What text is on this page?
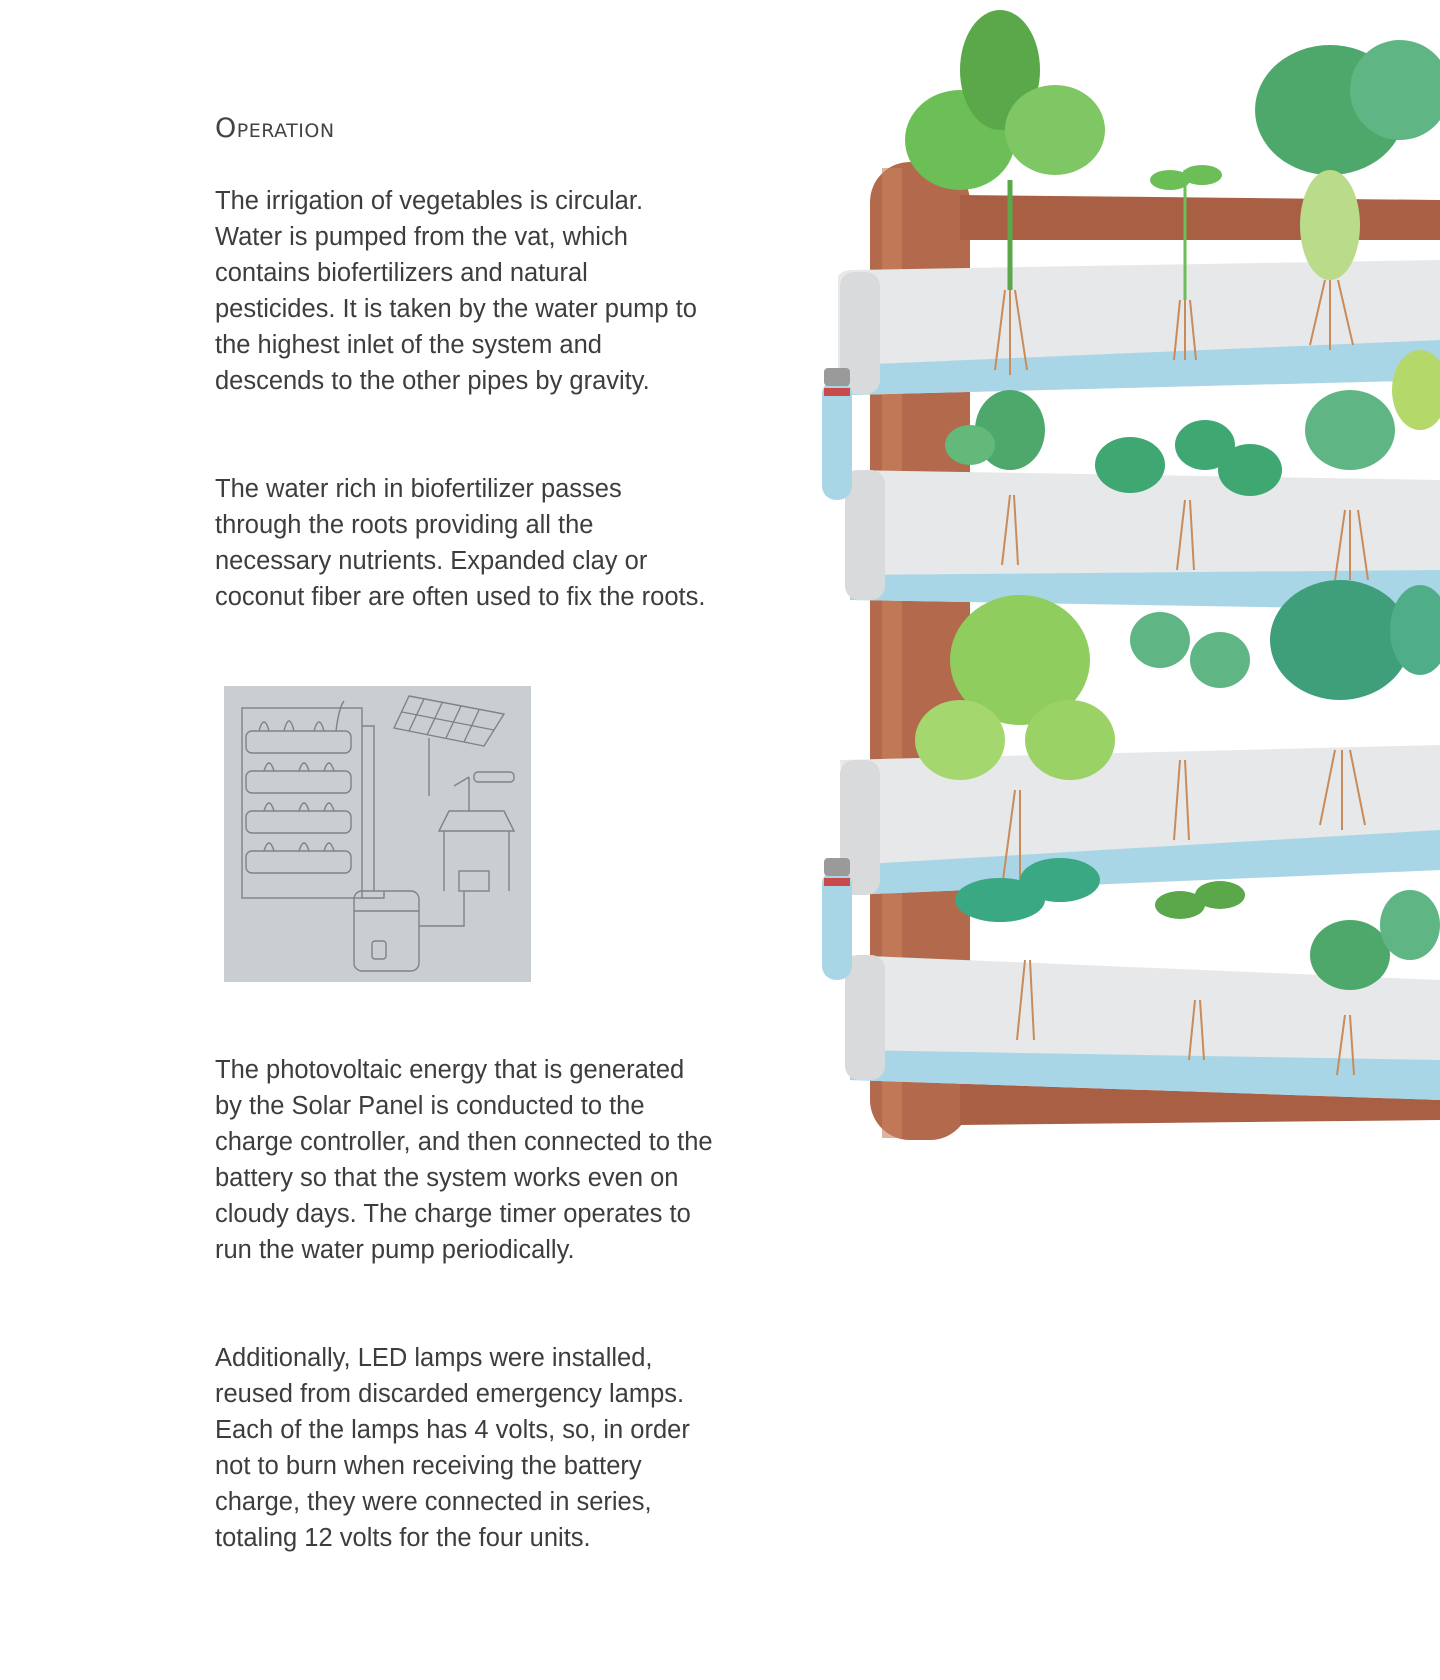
Operation

The irrigation of vegetables is circular. Water is pumped from the vat, which contains biofertilizers and natural pesticides. It is taken by the water pump to the highest inlet of the system and descends to the other pipes by gravity.

The water rich in biofertilizer passes through the roots providing all the necessary nutrients. Expanded clay or coconut fiber are often used to fix the roots.

The photovoltaic energy that is generated by the Solar Panel is conducted to the charge controller, and then connected to the battery so that the system works even on cloudy days. The charge timer operates to run the water pump periodically.

Additionally, LED lamps were installed, reused from discarded emergency lamps. Each of the lamps has 4 volts, so, in order not to burn when receiving the battery charge, they were connected in series, totaling 12 volts for the four units.
